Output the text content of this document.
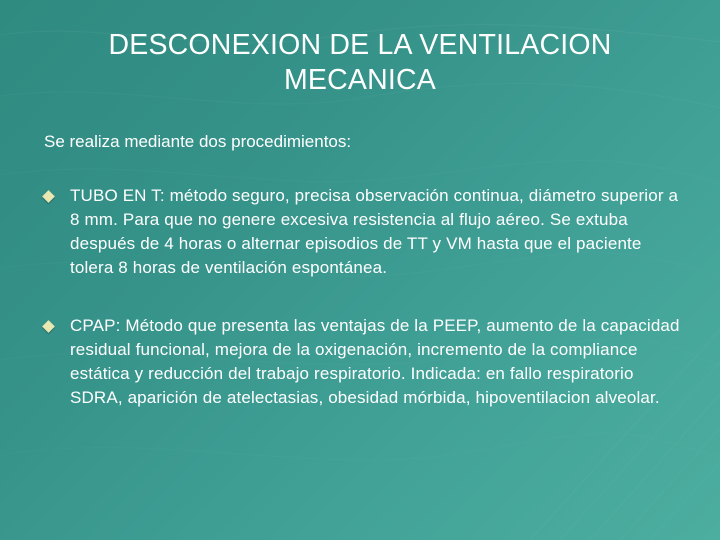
DESCONEXION DE LA VENTILACION
MECANICA

Se realiza mediante dos procedimientos:

TUBO EN T: método seguro, precisa observación continua, diámetro superior a 8 mm. Para que no genere excesiva resistencia al flujo aéreo. Se extuba después de 4 horas o alternar episodios de TT y VM hasta que el paciente tolera 8 horas de ventilación espontánea.
CPAP: Método que presenta las ventajas de la PEEP, aumento de la capacidad residual funcional, mejora de la oxigenación, incremento de la compliance estática y reducción del trabajo respiratorio. Indicada: en fallo respiratorio SDRA, aparición de atelectasias, obesidad mórbida, hipoventilacion alveolar.
